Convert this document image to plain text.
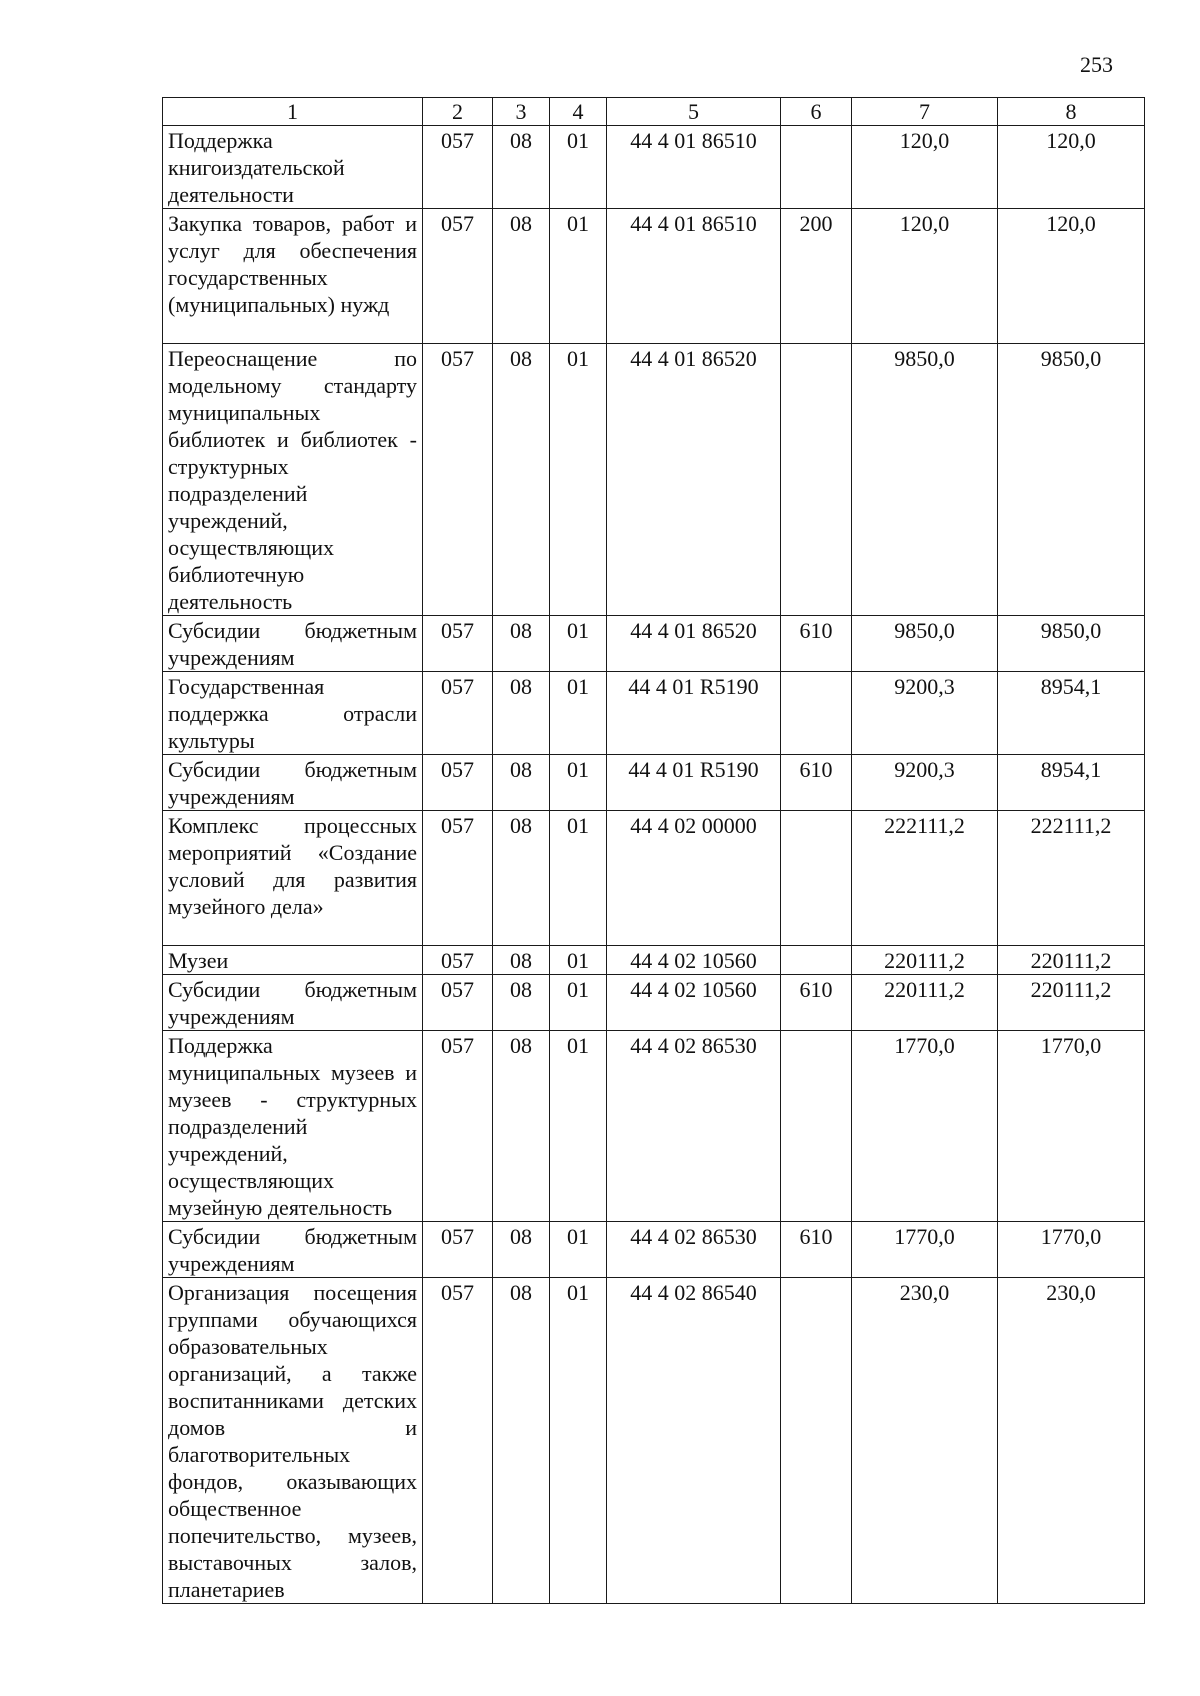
253
1	2	3	4	5	6	7	8
Поддержка книгоиздательской деятельности	057	08	01	44 4 01 86510		120,0	120,0
Закупка товаров, работ и услуг для обеспечения государственных (муниципальных) нужд	057	08	01	44 4 01 86510	200	120,0	120,0
Переоснащение по модельному стандарту муниципальных библиотек и библиотек - структурных подразделений учреждений, осуществляющих библиотечную деятельность	057	08	01	44 4 01 86520		9850,0	9850,0
Субсидии бюджетным учреждениям	057	08	01	44 4 01 86520	610	9850,0	9850,0
Государственная поддержка отрасли культуры	057	08	01	44 4 01 R5190		9200,3	8954,1
Субсидии бюджетным учреждениям	057	08	01	44 4 01 R5190	610	9200,3	8954,1
Комплекс процессных мероприятий «Создание условий для развития музейного дела»	057	08	01	44 4 02 00000		222111,2	222111,2
Музеи	057	08	01	44 4 02 10560		220111,2	220111,2
Субсидии бюджетным учреждениям	057	08	01	44 4 02 10560	610	220111,2	220111,2
Поддержка муниципальных музеев и музеев - структурных подразделений учреждений, осуществляющих музейную деятельность	057	08	01	44 4 02 86530		1770,0	1770,0
Субсидии бюджетным учреждениям	057	08	01	44 4 02 86530	610	1770,0	1770,0
Организация посещения группами обучающихся образовательных организаций, а также воспитанниками детских домов и благотворительных фондов, оказывающих общественное попечительство, музеев, выставочных залов, планетариев	057	08	01	44 4 02 86540		230,0	230,0
